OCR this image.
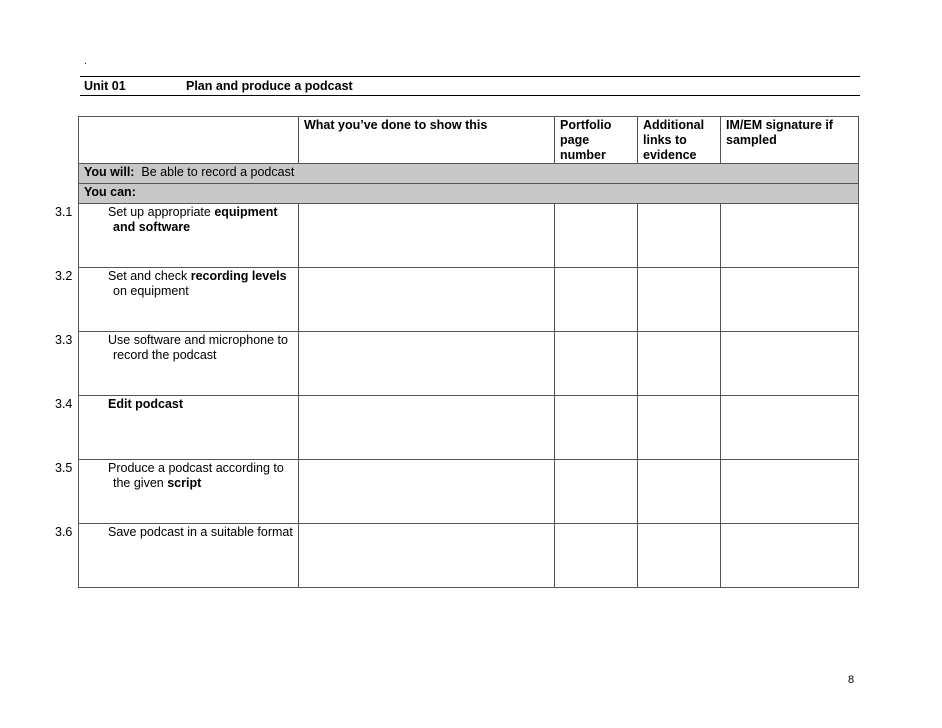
.
Unit 01	Plan and produce a podcast
	What you’ve done to show this	Portfolio page number	Additional links to evidence	IM/EM signature if sampled
You will: Be able to record a podcast				
You can:				

3.1 Set up appropriate equipment and software				

3.2 Set and check recording levels on equipment				

3.3 Use software and microphone to record the podcast				

3.4 Edit podcast				

3.5 Produce a podcast according to the given script				

3.6 Save podcast in a suitable format				

8
